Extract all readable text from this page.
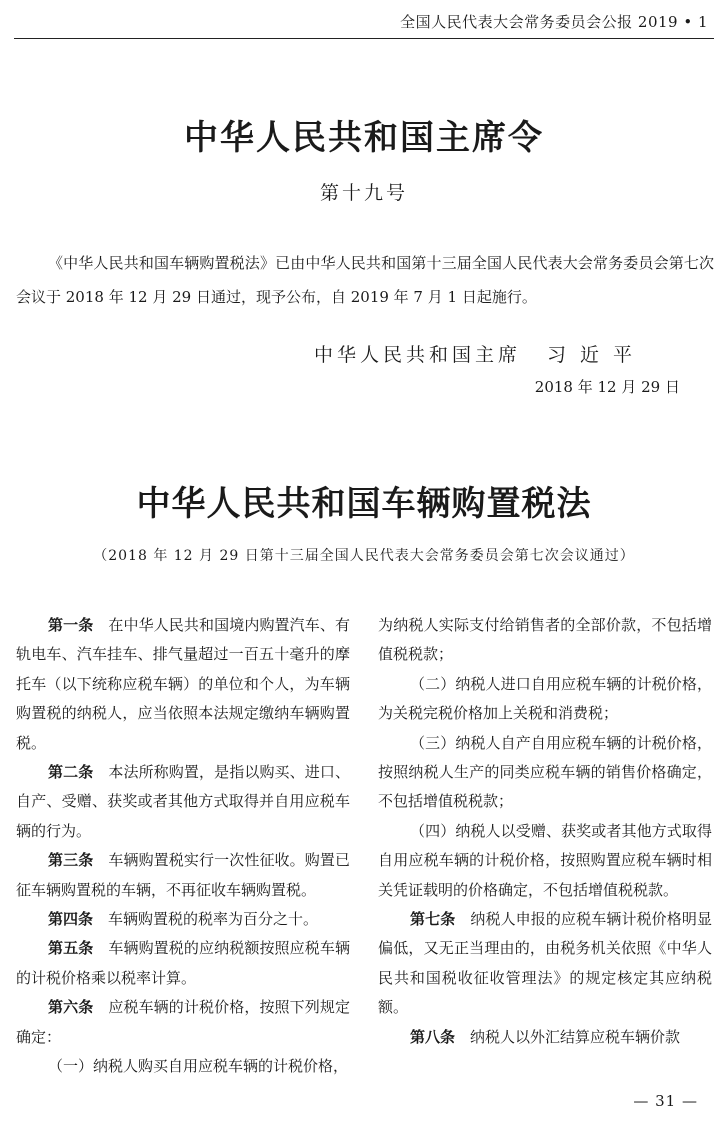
全国人民代表大会常务委员会公报 2019 • 1
中华人民共和国主席令
第十九号
《中华人民共和国车辆购置税法》已由中华人民共和国第十三届全国人民代表大会常务委员会第七次会议于 2018 年 12 月 29 日通过，现予公布，自 2019 年 7 月 1 日起施行。
中华人民共和国主席 习近平
2018 年 12 月 29 日
中华人民共和国车辆购置税法
（2018 年 12 月 29 日第十三届全国人民代表大会常务委员会第七次会议通过）

第一条 在中华人民共和国境内购置汽车、有轨电车、汽车挂车、排气量超过一百五十毫升的摩托车（以下统称应税车辆）的单位和个人，为车辆购置税的纳税人，应当依照本法规定缴纳车辆购置税。

第二条 本法所称购置，是指以购买、进口、自产、受赠、获奖或者其他方式取得并自用应税车辆的行为。

第三条 车辆购置税实行一次性征收。购置已征车辆购置税的车辆，不再征收车辆购置税。

第四条 车辆购置税的税率为百分之十。

第五条 车辆购置税的应纳税额按照应税车辆的计税价格乘以税率计算。

第六条 应税车辆的计税价格，按照下列规定确定：

（一）纳税人购买自用应税车辆的计税价格，

为纳税人实际支付给销售者的全部价款，不包括增值税税款；

（二）纳税人进口自用应税车辆的计税价格，为关税完税价格加上关税和消费税；

（三）纳税人自产自用应税车辆的计税价格，按照纳税人生产的同类应税车辆的销售价格确定，不包括增值税税款；

（四）纳税人以受赠、获奖或者其他方式取得自用应税车辆的计税价格，按照购置应税车辆时相关凭证载明的价格确定，不包括增值税税款。

第七条 纳税人申报的应税车辆计税价格明显偏低，又无正当理由的，由税务机关依照《中华人民共和国税收征收管理法》的规定核定其应纳税额。

第八条 纳税人以外汇结算应税车辆价款

— 31 —
